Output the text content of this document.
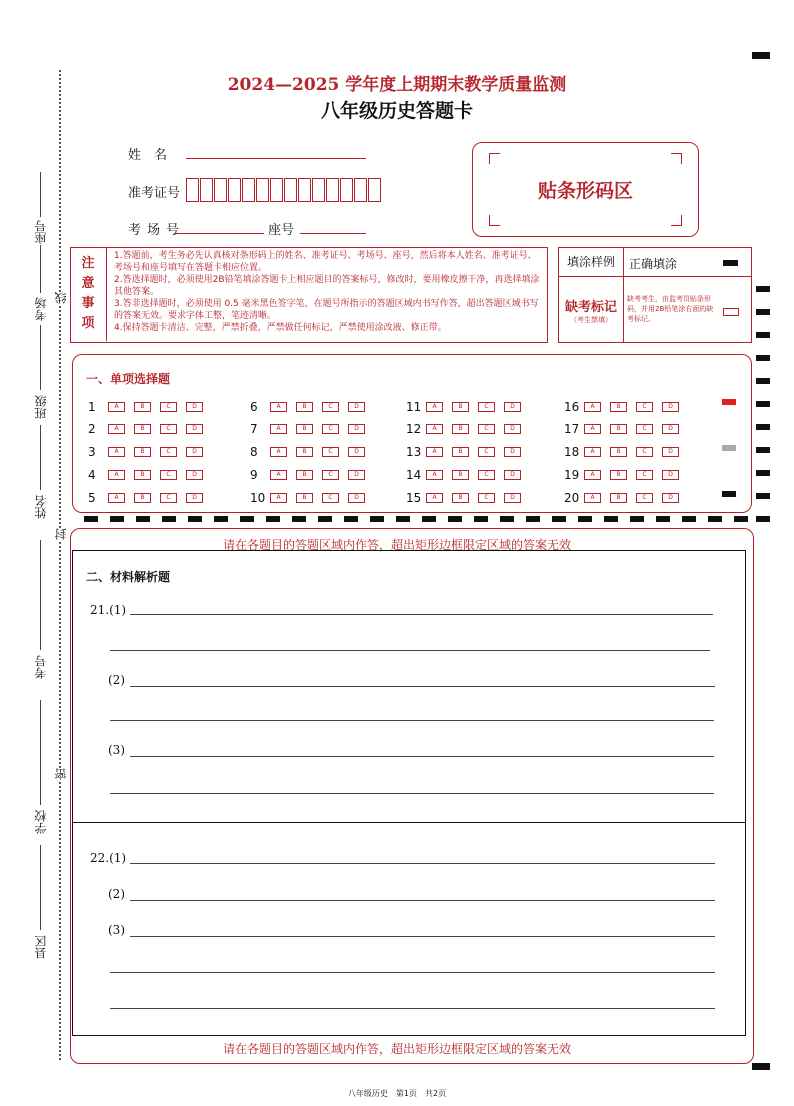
座号
考场
班级
姓名
考号
学校
县区
线
封
密
2024—2025 学年度上期期末教学质量监测
八年级历史答题卡
姓　名
准考证号
考场号	座号
贴条形码区
注
意
事
项
1.答题前，考生务必先认真核对条形码上的姓名、准考证号、考场号、座号，然后将本人姓名、准考证号、考场号和座号填写在答题卡相应位置。
2.答选择题时，必须使用2B铅笔填涂答题卡上相应题目的答案标号，修改时，要用橡皮擦干净，再选择填涂其他答案。
3.答非选择题时，必须使用 0.5 毫米黑色签字笔，在题号所指示的答题区域内书写作答，超出答题区域书写的答案无效。要求字体工整，笔迹清晰。
4.保持答题卡清洁、完整，严禁折叠，严禁做任何标记，严禁使用涂改液、修正带。
填涂样例	正确填涂
缺考标记
（考生禁填）
缺考考生，由监考员贴条形码，并用2B铅笔涂右面的缺考标记。
一、单项选择题
1	A	B	C	D
2	A	B	C	D
3	A	B	C	D
4	A	B	C	D
5	A	B	C	D
6	A	B	C	D
7	A	B	C	D
8	A	B	C	D
9	A	B	C	D
10	A	B	C	D
11	A	B	C	D
12	A	B	C	D
13	A	B	C	D
14	A	B	C	D
15	A	B	C	D
16	A	B	C	D
17	A	B	C	D
18	A	B	C	D
19	A	B	C	D
20	A	B	C	D
请在各题目的答题区域内作答，超出矩形边框限定区域的答案无效
二、材料解析题
21.(1)
(2)
(3)
22.(1)
(2)
(3)
请在各题目的答题区域内作答，超出矩形边框限定区域的答案无效
八年级历史　第1页　共2页
